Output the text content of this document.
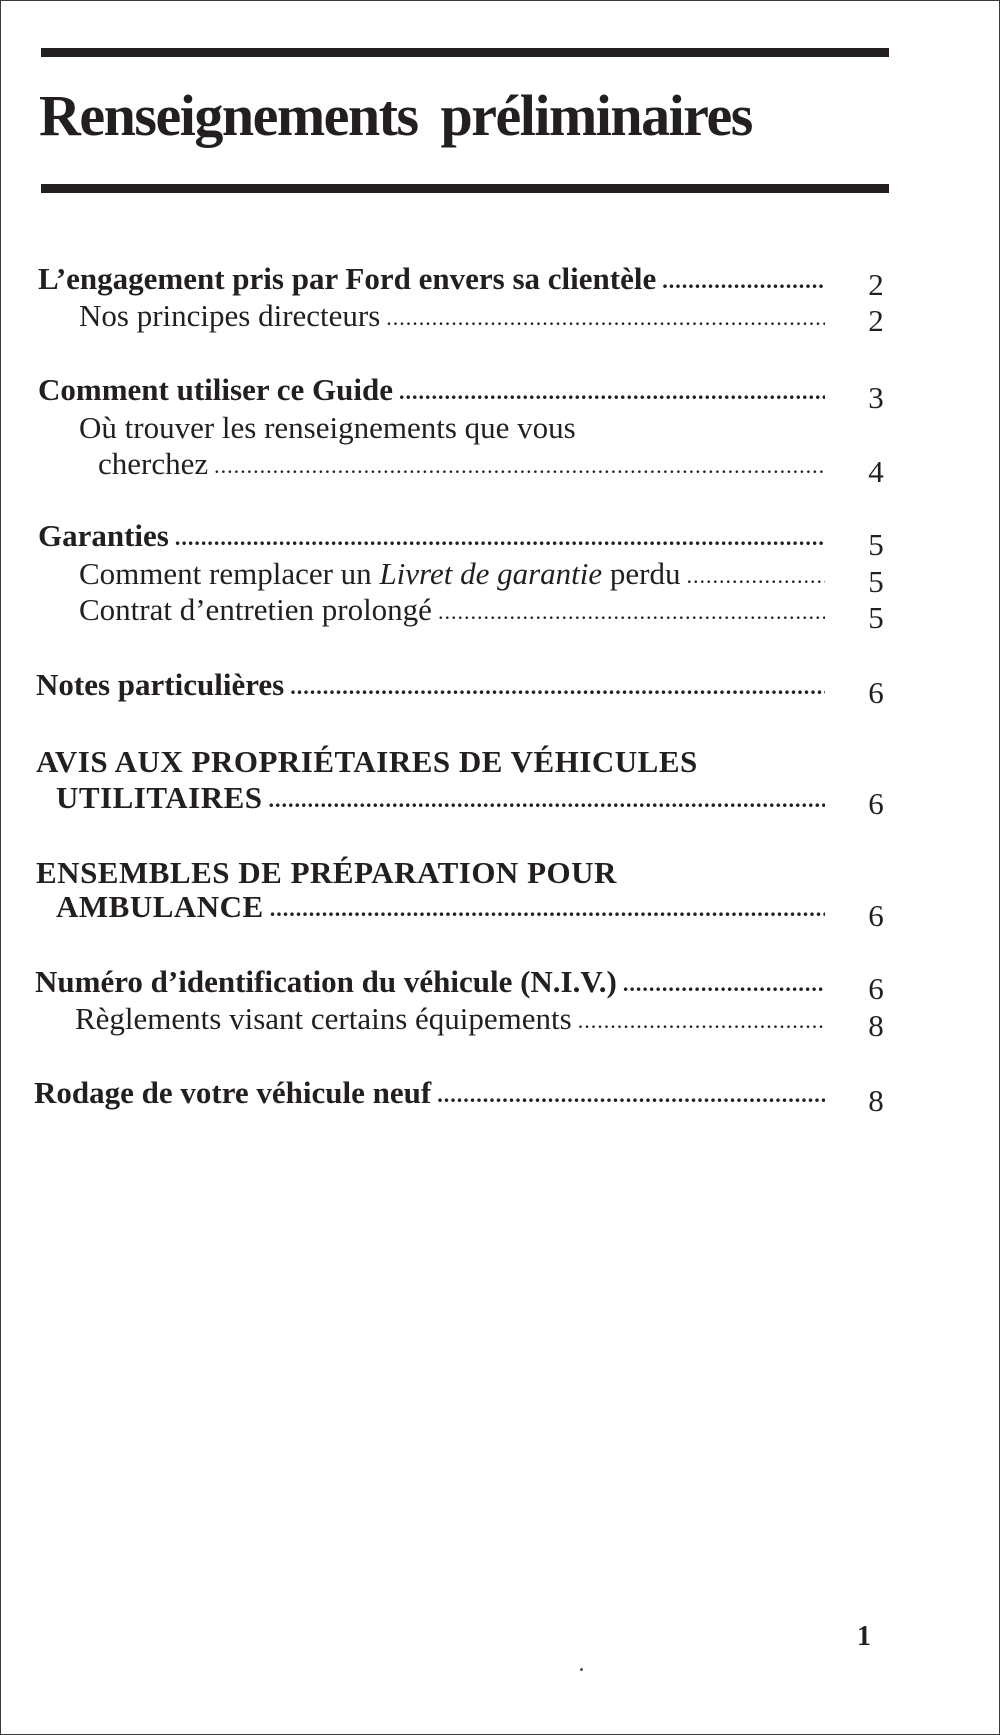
Renseignements préliminaires
L’engagement pris par Ford envers sa clientèle .....	2
Nos principes directeurs .....	2
Comment utiliser ce Guide .....	3
Où trouver les renseignements que vous
cherchez .....	4
Garanties .....	5
Comment remplacer un Livret de garantie perdu .....	5
Contrat d’entretien prolongé .....	5
Notes particulières .....	6
AVIS AUX PROPRIÉTAIRES DE VÉHICULES
UTILITAIRES .....	6
ENSEMBLES DE PRÉPARATION POUR
AMBULANCE .....	6
Numéro d’identification du véhicule (N.I.V.) .....	6
Règlements visant certains équipements .....	8
Rodage de votre véhicule neuf .....	8
1
